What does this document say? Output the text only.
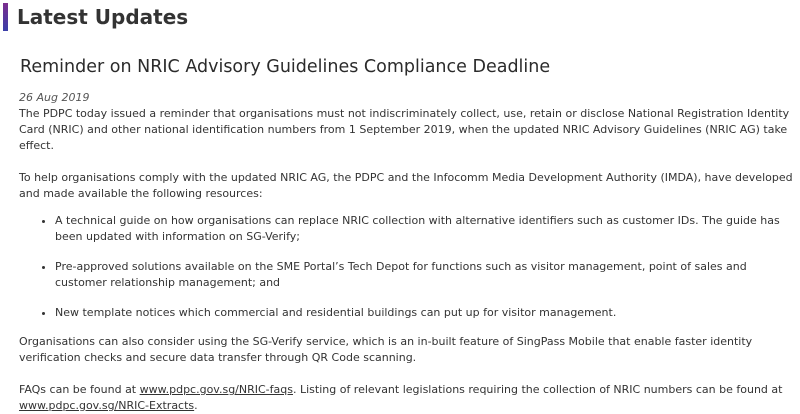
Latest Updates
Reminder on NRIC Advisory Guidelines Compliance Deadline

26 Aug 2019

The PDPC today issued a reminder that organisations must not indiscriminately collect, use, retain or disclose National Registration Identity Card (NRIC) and other national identification numbers from 1 September 2019, when the updated NRIC Advisory Guidelines (NRIC AG) take effect.

To help organisations comply with the updated NRIC AG, the PDPC and the Infocomm Media Development Authority (IMDA), have developed and made available the following resources:

• A technical guide on how organisations can replace NRIC collection with alternative identifiers such as customer IDs. The guide has been updated with information on SG-Verify;
• Pre-approved solutions available on the SME Portal’s Tech Depot for functions such as visitor management, point of sales and customer relationship management; and
• New template notices which commercial and residential buildings can put up for visitor management.

Organisations can also consider using the SG-Verify service, which is an in-built feature of SingPass Mobile that enable faster identity verification checks and secure data transfer through QR Code scanning.

FAQs can be found at www.pdpc.gov.sg/NRIC-faqs. Listing of relevant legislations requiring the collection of NRIC numbers can be found at www.pdpc.gov.sg/NRIC-Extracts.
